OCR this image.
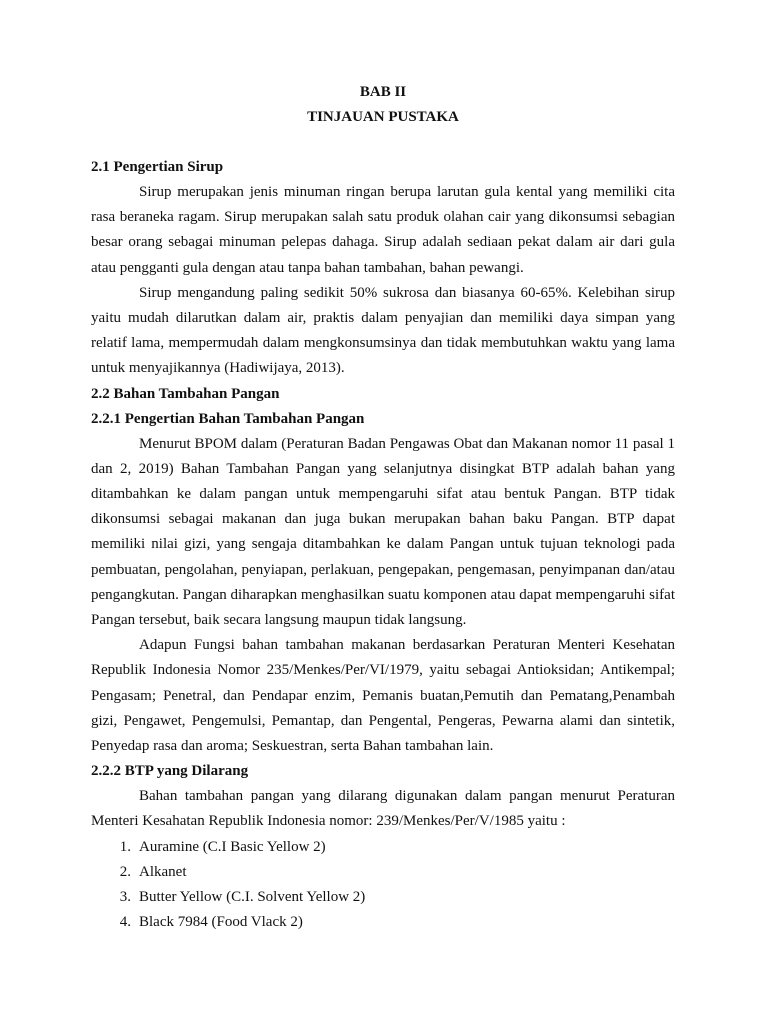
BAB II
TINJAUAN PUSTAKA
2.1 Pengertian Sirup

Sirup merupakan jenis minuman ringan berupa larutan gula kental yang memiliki cita rasa beraneka ragam. Sirup merupakan salah satu produk olahan cair yang dikonsumsi sebagian besar orang sebagai minuman pelepas dahaga. Sirup adalah sediaan pekat dalam air dari gula atau pengganti gula dengan atau tanpa bahan tambahan, bahan pewangi.

Sirup mengandung paling sedikit 50% sukrosa dan biasanya 60-65%. Kelebihan sirup yaitu mudah dilarutkan dalam air, praktis dalam penyajian dan memiliki daya simpan yang relatif lama, mempermudah dalam mengkonsumsinya dan tidak membutuhkan waktu yang lama untuk menyajikannya (Hadiwijaya, 2013).

2.2 Bahan Tambahan Pangan
2.2.1 Pengertian Bahan Tambahan Pangan

Menurut BPOM dalam (Peraturan Badan Pengawas Obat dan Makanan nomor 11 pasal 1 dan 2, 2019) Bahan Tambahan Pangan yang selanjutnya disingkat BTP adalah bahan yang ditambahkan ke dalam pangan untuk mempengaruhi sifat atau bentuk Pangan. BTP tidak dikonsumsi sebagai makanan dan juga bukan merupakan bahan baku Pangan. BTP dapat memiliki nilai gizi, yang sengaja ditambahkan ke dalam Pangan untuk tujuan teknologi pada pembuatan, pengolahan, penyiapan, perlakuan, pengepakan, pengemasan, penyimpanan dan/atau pengangkutan. Pangan diharapkan menghasilkan suatu komponen atau dapat mempengaruhi sifat Pangan tersebut, baik secara langsung maupun tidak langsung.

Adapun Fungsi bahan tambahan makanan berdasarkan Peraturan Menteri Kesehatan Republik Indonesia Nomor 235/Menkes/Per/VI/1979, yaitu sebagai Antioksidan; Antikempal; Pengasam; Penetral, dan Pendapar enzim, Pemanis buatan,Pemutih dan Pematang,Penambah gizi, Pengawet, Pengemulsi, Pemantap, dan Pengental, Pengeras, Pewarna alami dan sintetik, Penyedap rasa dan aroma; Seskuestran, serta Bahan tambahan lain.

2.2.2 BTP yang Dilarang

Bahan tambahan pangan yang dilarang digunakan dalam pangan menurut Peraturan Menteri Kesahatan Republik Indonesia nomor: 239/Menkes/Per/V/1985 yaitu :

1. Auramine (C.I Basic Yellow 2)
2. Alkanet
3. Butter Yellow (C.I. Solvent Yellow 2)
4. Black 7984 (Food Vlack 2)
